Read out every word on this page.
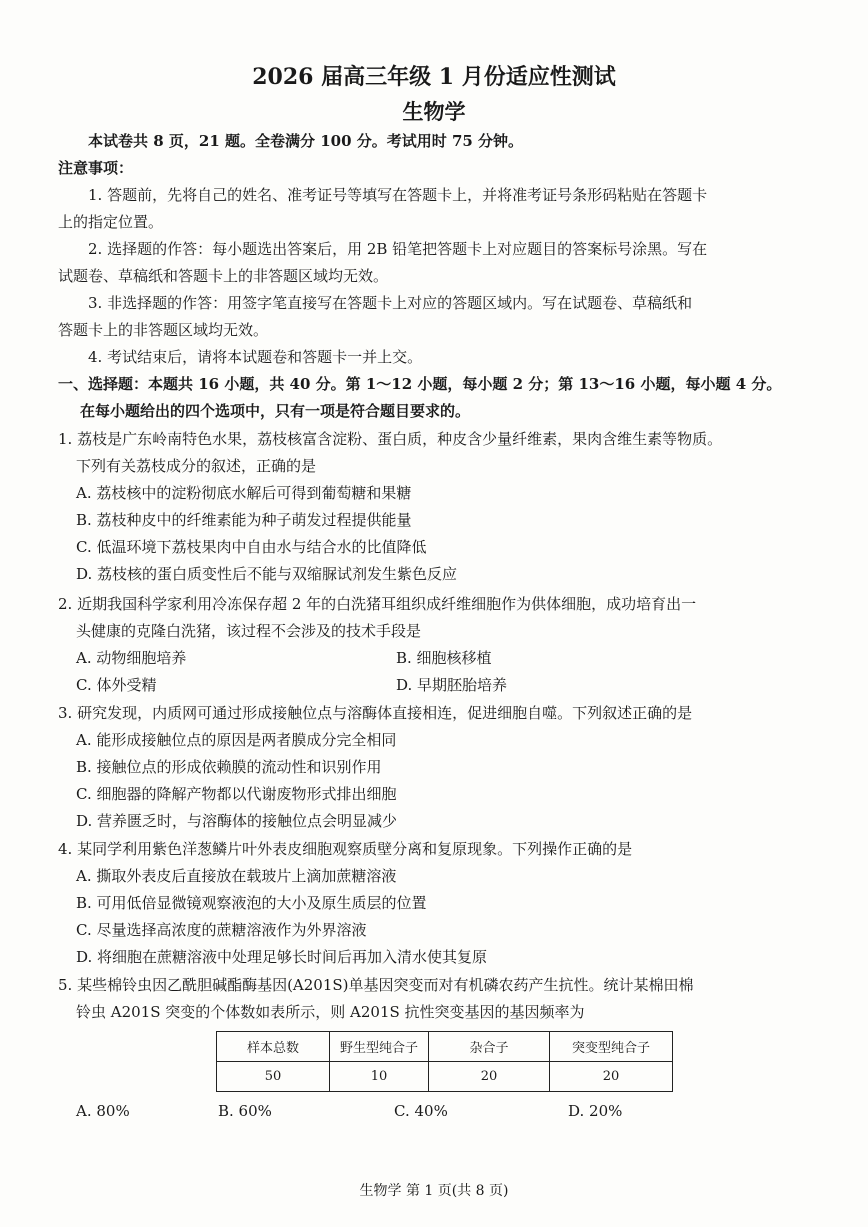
2026 届高三年级 1 月份适应性测试
生物学
本试卷共 8 页，21 题。全卷满分 100 分。考试用时 75 分钟。
注意事项：
1. 答题前，先将自己的姓名、准考证号等填写在答题卡上，并将准考证号条形码粘贴在答题卡
上的指定位置。
2. 选择题的作答：每小题选出答案后，用 2B 铅笔把答题卡上对应题目的答案标号涂黑。写在
试题卷、草稿纸和答题卡上的非答题区域均无效。
3. 非选择题的作答：用签字笔直接写在答题卡上对应的答题区域内。写在试题卷、草稿纸和
答题卡上的非答题区域均无效。
4. 考试结束后，请将本试题卷和答题卡一并上交。
一、选择题：本题共 16 小题，共 40 分。第 1～12 小题，每小题 2 分；第 13～16 小题，每小题 4 分。
在每小题给出的四个选项中，只有一项是符合题目要求的。
1. 荔枝是广东岭南特色水果，荔枝核富含淀粉、蛋白质，种皮含少量纤维素，果肉含维生素等物质。
下列有关荔枝成分的叙述，正确的是
A. 荔枝核中的淀粉彻底水解后可得到葡萄糖和果糖
B. 荔枝种皮中的纤维素能为种子萌发过程提供能量
C. 低温环境下荔枝果肉中自由水与结合水的比值降低
D. 荔枝核的蛋白质变性后不能与双缩脲试剂发生紫色反应
2. 近期我国科学家利用冷冻保存超 2 年的白洗猪耳组织成纤维细胞作为供体细胞，成功培育出一
头健康的克隆白洗猪，该过程不会涉及的技术手段是
A. 动物细胞培养	B. 细胞核移植
C. 体外受精	D. 早期胚胎培养
3. 研究发现，内质网可通过形成接触位点与溶酶体直接相连，促进细胞自噬。下列叙述正确的是
A. 能形成接触位点的原因是两者膜成分完全相同
B. 接触位点的形成依赖膜的流动性和识别作用
C. 细胞器的降解产物都以代谢废物形式排出细胞
D. 营养匮乏时，与溶酶体的接触位点会明显减少
4. 某同学利用紫色洋葱鳞片叶外表皮细胞观察质壁分离和复原现象。下列操作正确的是
A. 撕取外表皮后直接放在载玻片上滴加蔗糖溶液
B. 可用低倍显微镜观察液泡的大小及原生质层的位置
C. 尽量选择高浓度的蔗糖溶液作为外界溶液
D. 将细胞在蔗糖溶液中处理足够长时间后再加入清水使其复原
5. 某些棉铃虫因乙酰胆碱酯酶基因(A201S)单基因突变而对有机磷农药产生抗性。统计某棉田棉
铃虫 A201S 突变的个体数如表所示，则 A201S 抗性突变基因的基因频率为
样本总数	野生型纯合子	杂合子	突变型纯合子
50	10	20	20
A. 80%	B. 60%	C. 40%	D. 20%
生物学 第 1 页(共 8 页)
